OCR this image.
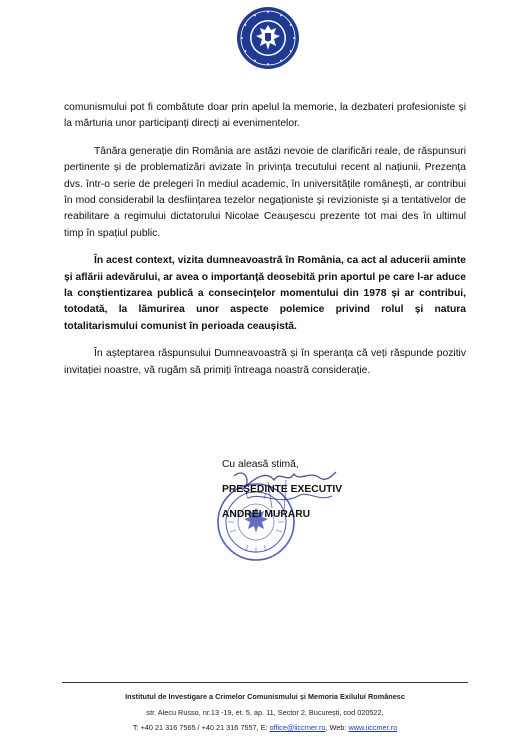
comunismului pot fi combătute doar prin apelul la memorie, la dezbateri profesioniste și la mărturia unor participanți direcți ai evenimentelor.

Tânăra generație din România are astăzi nevoie de clarificări reale, de răspunsuri pertinente și de problematizări avizate în privința trecutului recent al națiunii. Prezența dvs. într-o serie de prelegeri în mediul academic, în universitățile românești, ar contribui în mod considerabil la desființarea tezelor negaționiste și revizioniste și a tentativelor de reabilitare a regimului dictatorului Nicolae Ceaușescu prezente tot mai des în ultimul timp în spațiul public.

În acest context, vizita dumneavoastră în România, ca act al aducerii aminte și aflării adevărului, ar avea o importanță deosebită prin aportul pe care l-ar aduce la conștientizarea publică a consecințelor momentului din 1978 și ar contribui, totodată, la lămurirea unor aspecte polemice privind rolul și natura totalitarismului comunist în perioada ceaușistă.

În așteptarea răspunsului Dumneavoastră și în speranța că veți răspunde pozitiv invitației noastre, vă rugăm să primiți întreaga noastră considerație.

Cu aleasă stimă,
PREȘEDINTE EXECUTIV
ANDREI MURARU
Institutul de Investigare a Crimelor Comunismului și Memoria Exilului Românesc
str. Alecu Russo, nr.13 -19, et. 5, ap. 11, Sector 2, București, cod 020522,
T: +40 21 316 7565 / +40 21 316 7557, E: office@iiccmer.ro, Web: www.iiccmer.ro
